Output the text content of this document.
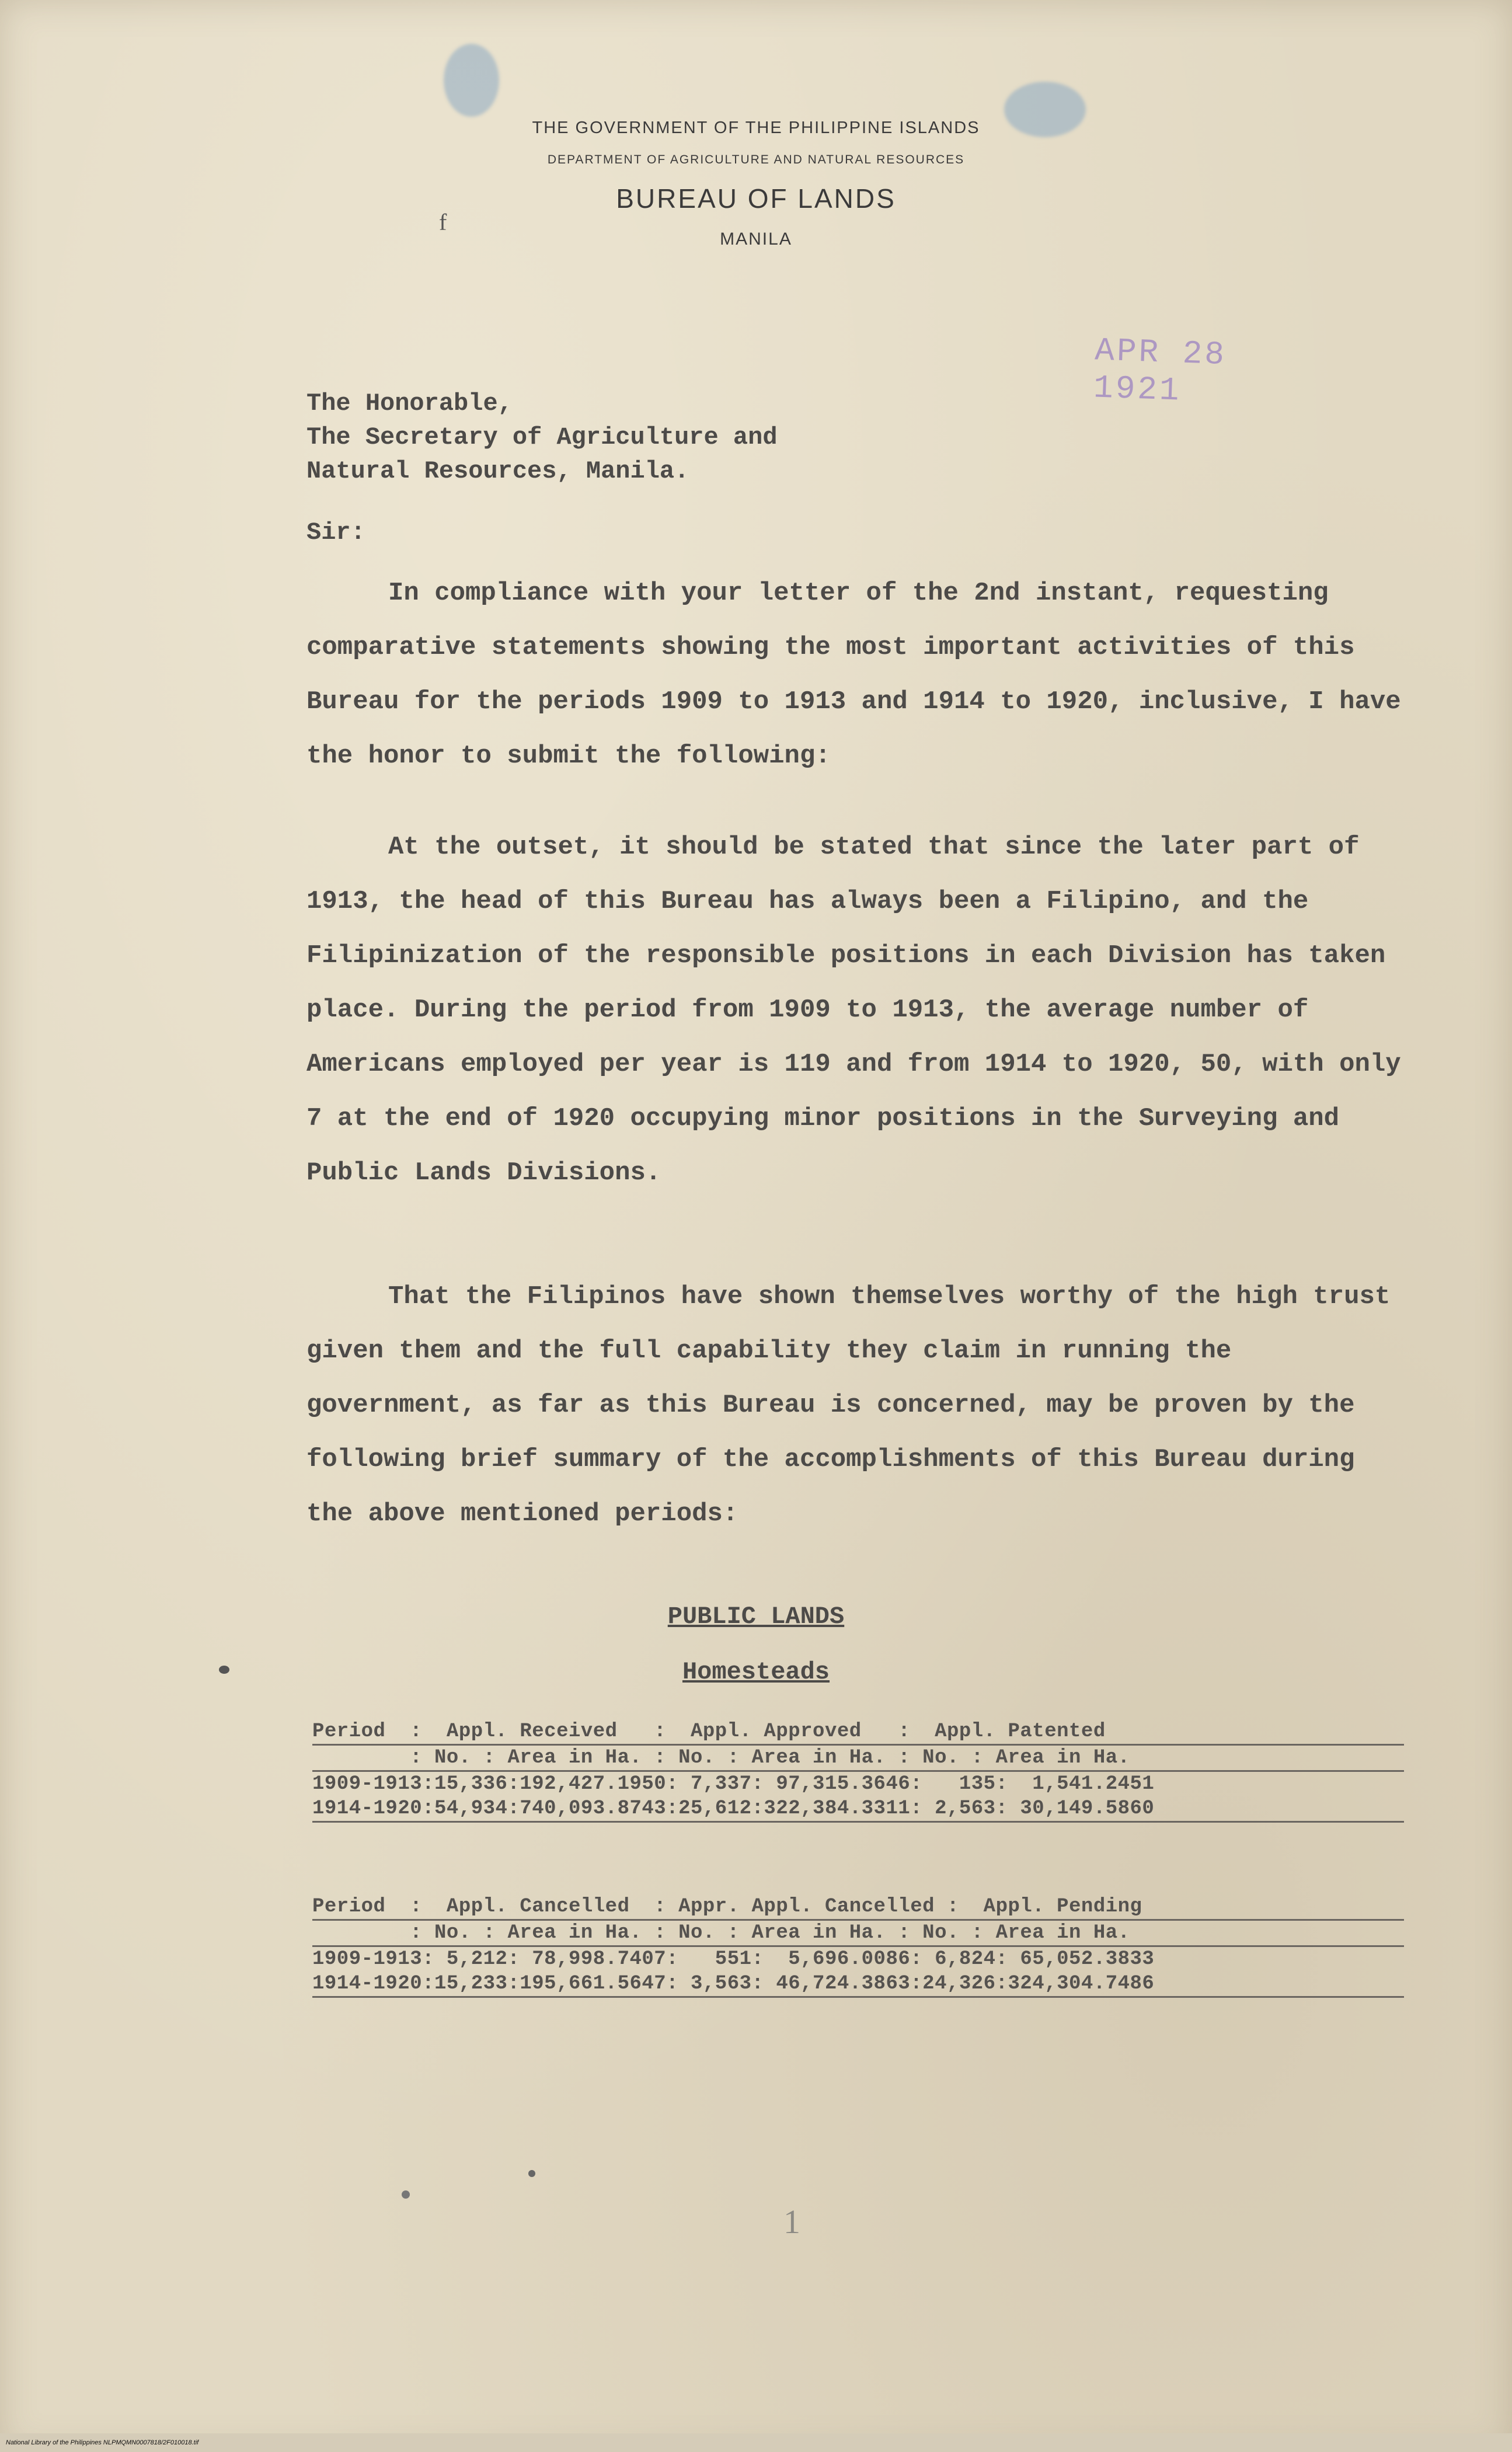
THE GOVERNMENT OF THE PHILIPPINE ISLANDS
DEPARTMENT OF AGRICULTURE AND NATURAL RESOURCES
BUREAU OF LANDS
MANILA
f
APR 28 1921
The Honorable,
The Secretary of Agriculture and
Natural Resources, Manila.
Sir:
In compliance with your letter of the 2nd instant, requesting comparative statements showing the most important activities of this Bureau for the periods 1909 to 1913 and 1914 to 1920, inclusive, I have the honor to submit the following:
At the outset, it should be stated that since the later part of 1913, the head of this Bureau has always been a Filipino, and the Filipinization of the responsible positions in each Division has taken place. During the period from 1909 to 1913, the average number of Americans employed per year is 119 and from 1914 to 1920, 50, with only 7 at the end of 1920 occupying minor positions in the Surveying and Public Lands Divisions.
That the Filipinos have shown themselves worthy of the high trust given them and the full capability they claim in running the government, as far as this Bureau is concerned, may be proven by the following brief summary of the accomplishments of this Bureau during the above mentioned periods:
PUBLIC LANDS
Homesteads
Period  :  Appl. Received   :  Appl. Approved   :  Appl. Patented
: No. : Area in Ha. : No. : Area in Ha. : No. : Area in Ha.
1909-1913:15,336:192,427.1950: 7,337: 97,315.3646:   135:  1,541.2451
1914-1920:54,934:740,093.8743:25,612:322,384.3311: 2,563: 30,149.5860
Period  :  Appl. Cancelled  : Appr. Appl. Cancelled :  Appl. Pending
: No. : Area in Ha. : No. : Area in Ha. : No. : Area in Ha.
1909-1913: 5,212: 78,998.7407:   551:  5,696.0086: 6,824: 65,052.3833
1914-1920:15,233:195,661.5647: 3,563: 46,724.3863:24,326:324,304.7486
1
National Library of the Philippines NLPMQMN0007818/2F010018.tif
